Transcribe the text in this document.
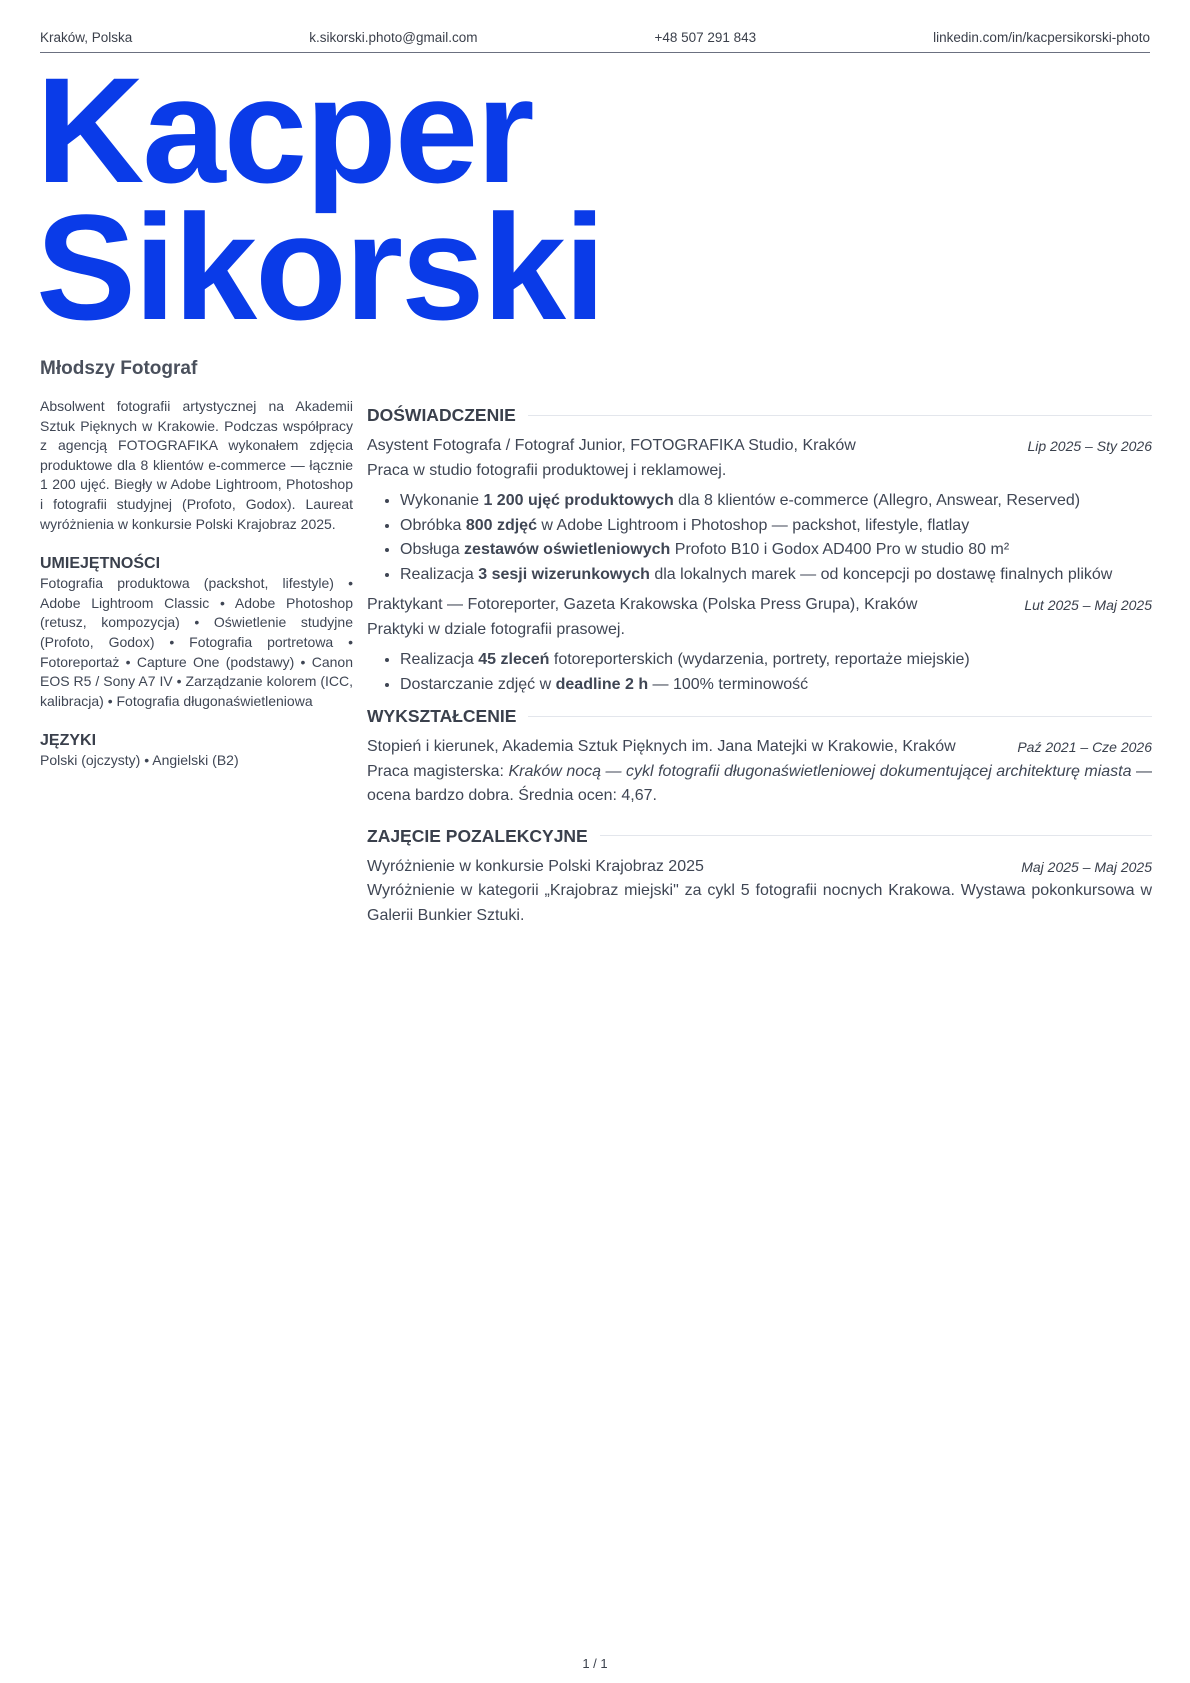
Kraków, Polska	k.sikorski.photo@gmail.com	+48 507 291 843	linkedin.com/in/kacpersikorski-photo
Kacper
Sikorski
Młodszy Fotograf

Absolwent fotografii artystycznej na Akademii Sztuk Pięknych w Krakowie. Podczas współpracy z agencją FOTOGRAFIKA wykonałem zdjęcia produktowe dla 8 klientów e-commerce — łącznie 1 200 ujęć. Biegły w Adobe Lightroom, Photoshop i fotografii studyjnej (Profoto, Godox). Laureat wyróżnienia w konkursie Polski Krajobraz 2025.

UMIEJĘTNOŚCI

Fotografia produktowa (packshot, lifestyle) • Adobe Lightroom Classic • Adobe Photoshop (retusz, kompozycja) • Oświetlenie studyjne (Profoto, Godox) • Fotografia portretowa • Fotoreportaż • Capture One (podstawy) • Canon EOS R5 / Sony A7 IV • Zarządzanie kolorem (ICC, kalibracja) • Fotografia długonaświetleniowa

JĘZYKI

Polski (ojczysty) • Angielski (B2)

DOŚWIADCZENIE
Asystent Fotografa / Fotograf Junior, FOTOGRAFIKA Studio, Kraków	Lip 2025 – Sty 2026
Praca w studio fotografii produktowej i reklamowej.
• Wykonanie 1 200 ujęć produktowych dla 8 klientów e-commerce (Allegro, Answear, Reserved)
• Obróbka 800 zdjęć w Adobe Lightroom i Photoshop — packshot, lifestyle, flatlay
• Obsługa zestawów oświetleniowych Profoto B10 i Godox AD400 Pro w studio 80 m²
• Realizacja 3 sesji wizerunkowych dla lokalnych marek — od koncepcji po dostawę finalnych plików
Praktykant — Fotoreporter, Gazeta Krakowska (Polska Press Grupa), Kraków	Lut 2025 – Maj 2025
Praktyki w dziale fotografii prasowej.
• Realizacja 45 zleceń fotoreporterskich (wydarzenia, portrety, reportaże miejskie)
• Dostarczanie zdjęć w deadline 2 h — 100% terminowość
WYKSZTAŁCENIE
Stopień i kierunek, Akademia Sztuk Pięknych im. Jana Matejki w Krakowie, Kraków	Paź 2021 – Cze 2026
Praca magisterska: Kraków nocą — cykl fotografii długonaświetleniowej dokumentującej architekturę miasta — ocena bardzo dobra. Średnia ocen: 4,67.
ZAJĘCIE POZALEKCYJNE
Wyróżnienie w konkursie Polski Krajobraz 2025	Maj 2025 – Maj 2025
Wyróżnienie w kategorii „Krajobraz miejski" za cykl 5 fotografii nocnych Krakowa. Wystawa pokonkursowa w Galerii Bunkier Sztuki.
1 / 1
